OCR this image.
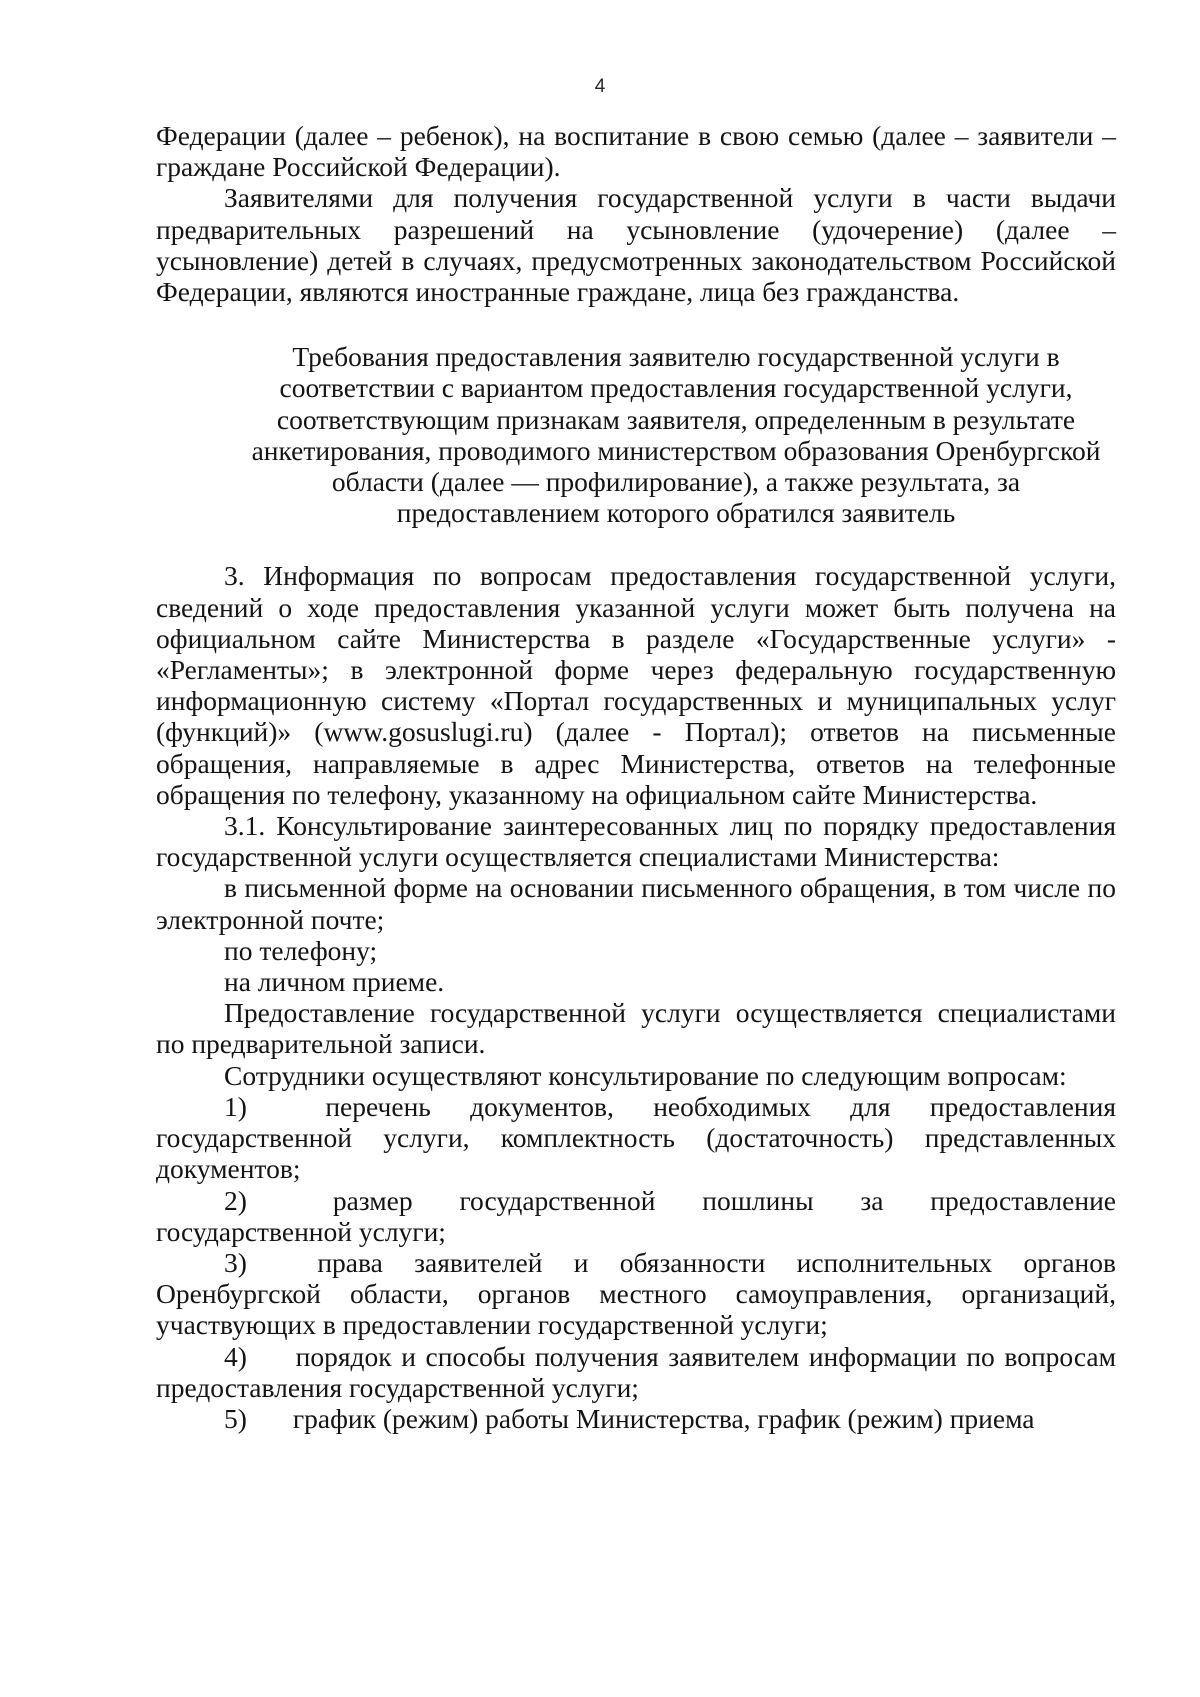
4

Федерации (далее – ребенок), на воспитание в свою семью (далее – заявители – граждане Российской Федерации).

Заявителями для получения государственной услуги в части выдачи предварительных разрешений на усыновление (удочерение) (далее – усыновление) детей в случаях, предусмотренных законодательством Российской Федерации, являются иностранные граждане, лица без гражданства.

Требования предоставления заявителю государственной услуги в соответствии с вариантом предоставления государственной услуги, соответствующим признакам заявителя, определенным в результате анкетирования, проводимого министерством образования Оренбургской области (далее — профилирование), а также результата, за предоставлением которого обратился заявитель

3. Информация по вопросам предоставления государственной услуги, сведений о ходе предоставления указанной услуги может быть получена на официальном сайте Министерства в разделе «Государственные услуги» - «Регламенты»; в электронной форме через федеральную государственную информационную систему «Портал государственных и муниципальных услуг (функций)» (www.gosuslugi.ru) (далее - Портал); ответов на письменные обращения, направляемые в адрес Министерства, ответов на телефонные обращения по телефону, указанному на официальном сайте Министерства.

3.1. Консультирование заинтересованных лиц по порядку предоставления государственной услуги осуществляется специалистами Министерства:

в письменной форме на основании письменного обращения, в том числе по электронной почте;

по телефону;

на личном приеме.

Предоставление государственной услуги осуществляется специалистами по предварительной записи.

Сотрудники осуществляют консультирование по следующим вопросам:

1)	перечень документов, необходимых для предоставления государственной услуги, комплектность (достаточность) представленных документов;

2)	размер государственной пошлины за предоставление государственной услуги;

3)	права заявителей и обязанности исполнительных органов Оренбургской области, органов местного самоуправления, организаций, участвующих в предоставлении государственной услуги;

4) порядок и способы получения заявителем информации по вопросам предоставления государственной услуги;

5) график (режим) работы Министерства, график (режим) приема
